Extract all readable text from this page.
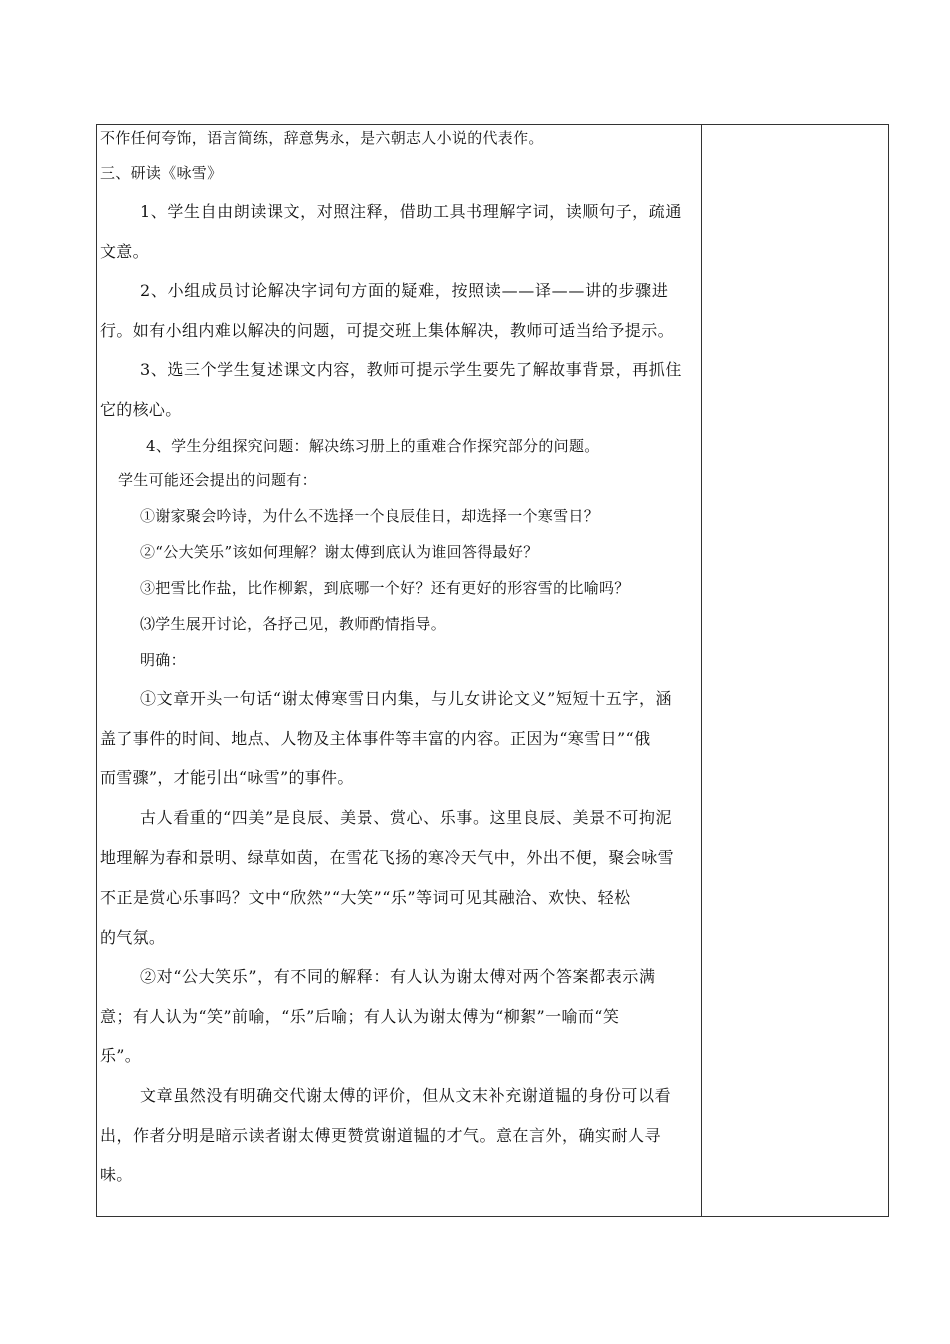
不作任何夸饰，语言简练，辞意隽永，是六朝志人小说的代表作。
三、研读《咏雪》
1、学生自由朗读课文，对照注释，借助工具书理解字词，读顺句子，疏通
文意。
2、小组成员讨论解决字词句方面的疑难，按照读——译——讲的步骤进
行。如有小组内难以解决的问题，可提交班上集体解决，教师可适当给予提示。
3、选三个学生复述课文内容，教师可提示学生要先了解故事背景，再抓住
它的核心。
4、学生分组探究问题：解决练习册上的重难合作探究部分的问题。
学生可能还会提出的问题有：
①谢家聚会吟诗，为什么不选择一个良辰佳日，却选择一个寒雪日？
②“公大笑乐”该如何理解？谢太傅到底认为谁回答得最好？
③把雪比作盐，比作柳絮，到底哪一个好？还有更好的形容雪的比喻吗？
⑶学生展开讨论，各抒己见，教师酌情指导。
明确：
①文章开头一句话“谢太傅寒雪日内集，与儿女讲论文义”短短十五字，涵
盖了事件的时间、地点、人物及主体事件等丰富的内容。正因为“寒雪日”“俄
而雪骤”，才能引出“咏雪”的事件。
古人看重的“四美”是良辰、美景、赏心、乐事。这里良辰、美景不可拘泥
地理解为春和景明、绿草如茵，在雪花飞扬的寒冷天气中，外出不便，聚会咏雪
不正是赏心乐事吗？文中“欣然”“大笑”“乐”等词可见其融洽、欢快、轻松
的气氛。
②对“公大笑乐”，有不同的解释：有人认为谢太傅对两个答案都表示满
意；有人认为“笑”前喻，“乐”后喻；有人认为谢太傅为“柳絮”一喻而“笑
乐”。
文章虽然没有明确交代谢太傅的评价，但从文末补充谢道韫的身份可以看
出，作者分明是暗示读者谢太傅更赞赏谢道韫的才气。意在言外，确实耐人寻
味。
